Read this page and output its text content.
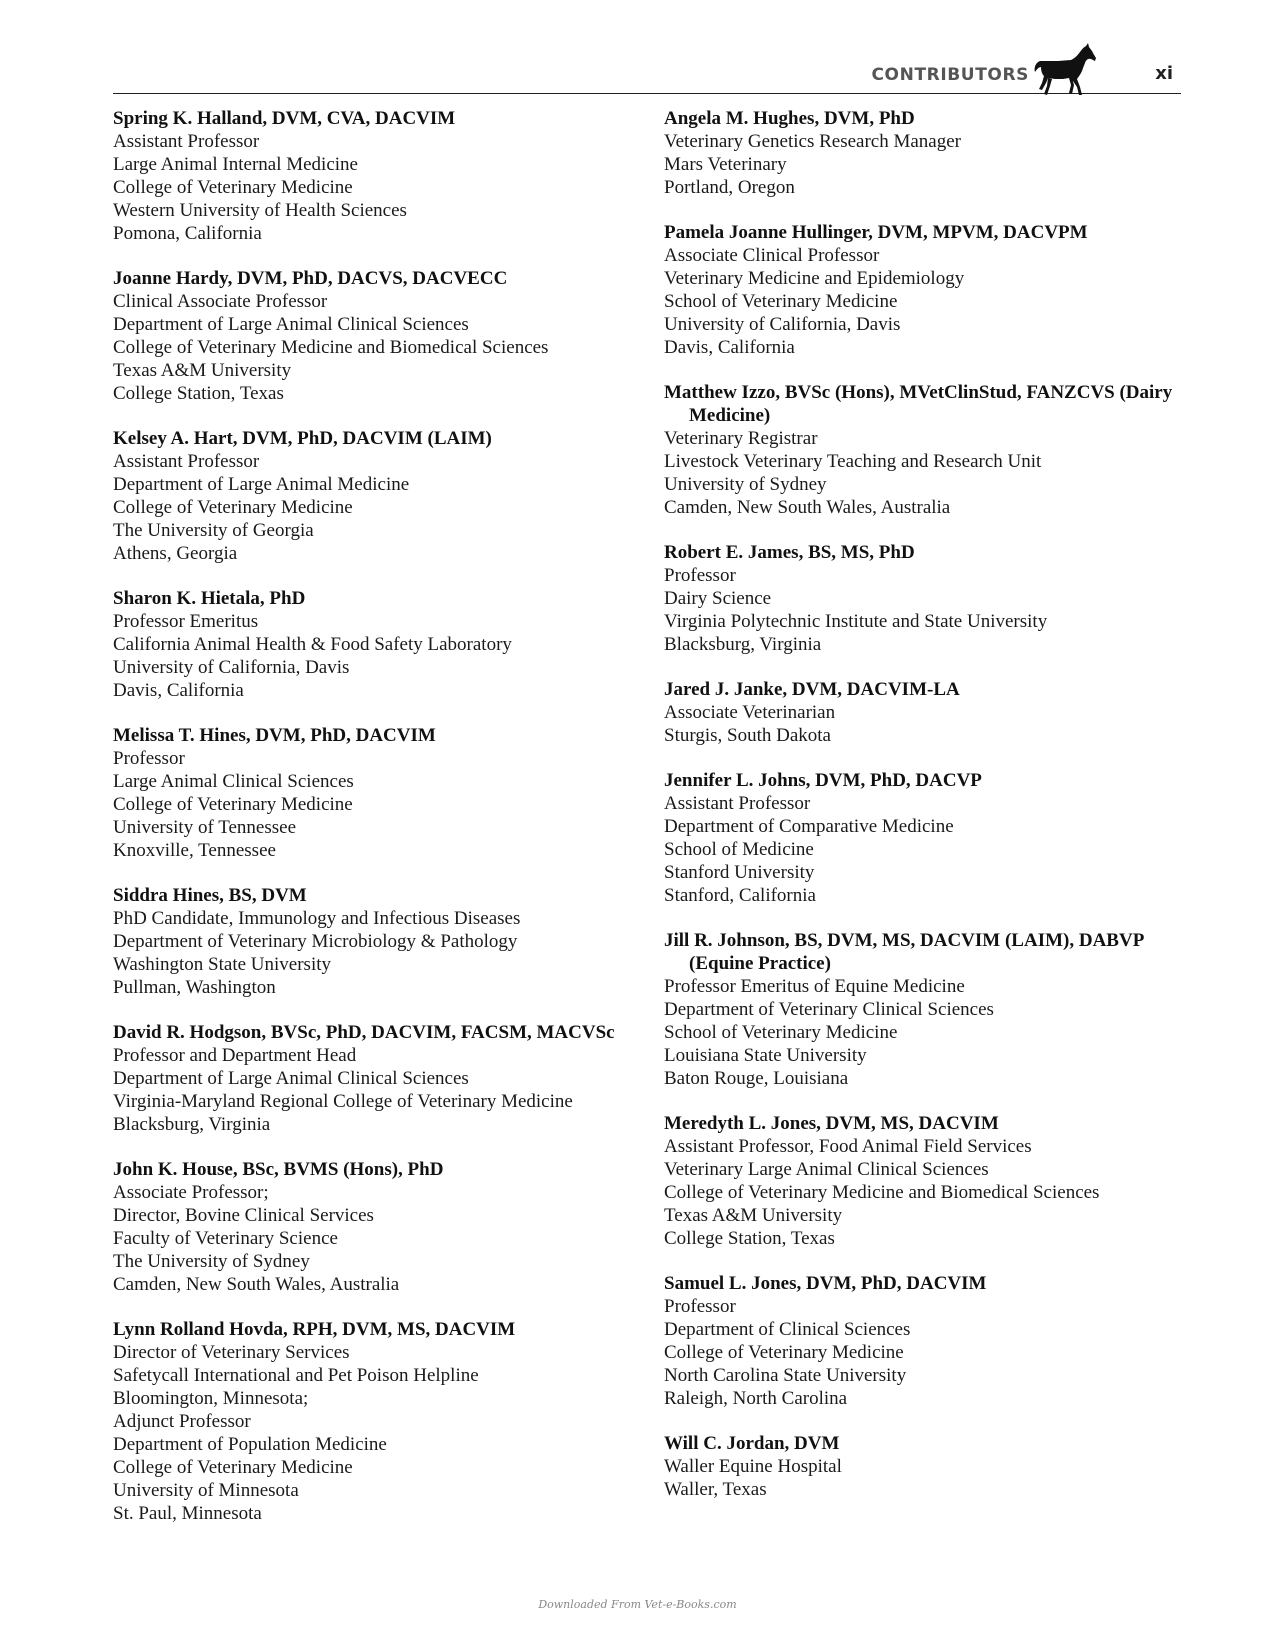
CONTRIBUTORS	xi
Spring K. Halland, DVM, CVA, DACVIM
Assistant Professor
Large Animal Internal Medicine
College of Veterinary Medicine
Western University of Health Sciences
Pomona, California
Joanne Hardy, DVM, PhD, DACVS, DACVECC
Clinical Associate Professor
Department of Large Animal Clinical Sciences
College of Veterinary Medicine and Biomedical Sciences
Texas A&M University
College Station, Texas
Kelsey A. Hart, DVM, PhD, DACVIM (LAIM)
Assistant Professor
Department of Large Animal Medicine
College of Veterinary Medicine
The University of Georgia
Athens, Georgia
Sharon K. Hietala, PhD
Professor Emeritus
California Animal Health & Food Safety Laboratory
University of California, Davis
Davis, California
Melissa T. Hines, DVM, PhD, DACVIM
Professor
Large Animal Clinical Sciences
College of Veterinary Medicine
University of Tennessee
Knoxville, Tennessee
Siddra Hines, BS, DVM
PhD Candidate, Immunology and Infectious Diseases
Department of Veterinary Microbiology & Pathology
Washington State University
Pullman, Washington
David R. Hodgson, BVSc, PhD, DACVIM, FACSM, MACVSc
Professor and Department Head
Department of Large Animal Clinical Sciences
Virginia-Maryland Regional College of Veterinary Medicine
Blacksburg, Virginia
John K. House, BSc, BVMS (Hons), PhD
Associate Professor;
Director, Bovine Clinical Services
Faculty of Veterinary Science
The University of Sydney
Camden, New South Wales, Australia
Lynn Rolland Hovda, RPH, DVM, MS, DACVIM
Director of Veterinary Services
Safetycall International and Pet Poison Helpline
Bloomington, Minnesota;
Adjunct Professor
Department of Population Medicine
College of Veterinary Medicine
University of Minnesota
St. Paul, Minnesota
Angela M. Hughes, DVM, PhD
Veterinary Genetics Research Manager
Mars Veterinary
Portland, Oregon
Pamela Joanne Hullinger, DVM, MPVM, DACVPM
Associate Clinical Professor
Veterinary Medicine and Epidemiology
School of Veterinary Medicine
University of California, Davis
Davis, California
Matthew Izzo, BVSc (Hons), MVetClinStud, FANZCVS (Dairy Medicine)
Veterinary Registrar
Livestock Veterinary Teaching and Research Unit
University of Sydney
Camden, New South Wales, Australia
Robert E. James, BS, MS, PhD
Professor
Dairy Science
Virginia Polytechnic Institute and State University
Blacksburg, Virginia
Jared J. Janke, DVM, DACVIM-LA
Associate Veterinarian
Sturgis, South Dakota
Jennifer L. Johns, DVM, PhD, DACVP
Assistant Professor
Department of Comparative Medicine
School of Medicine
Stanford University
Stanford, California
Jill R. Johnson, BS, DVM, MS, DACVIM (LAIM), DABVP (Equine Practice)
Professor Emeritus of Equine Medicine
Department of Veterinary Clinical Sciences
School of Veterinary Medicine
Louisiana State University
Baton Rouge, Louisiana
Meredyth L. Jones, DVM, MS, DACVIM
Assistant Professor, Food Animal Field Services
Veterinary Large Animal Clinical Sciences
College of Veterinary Medicine and Biomedical Sciences
Texas A&M University
College Station, Texas
Samuel L. Jones, DVM, PhD, DACVIM
Professor
Department of Clinical Sciences
College of Veterinary Medicine
North Carolina State University
Raleigh, North Carolina
Will C. Jordan, DVM
Waller Equine Hospital
Waller, Texas
Downloaded From Vet-e-Books.com
